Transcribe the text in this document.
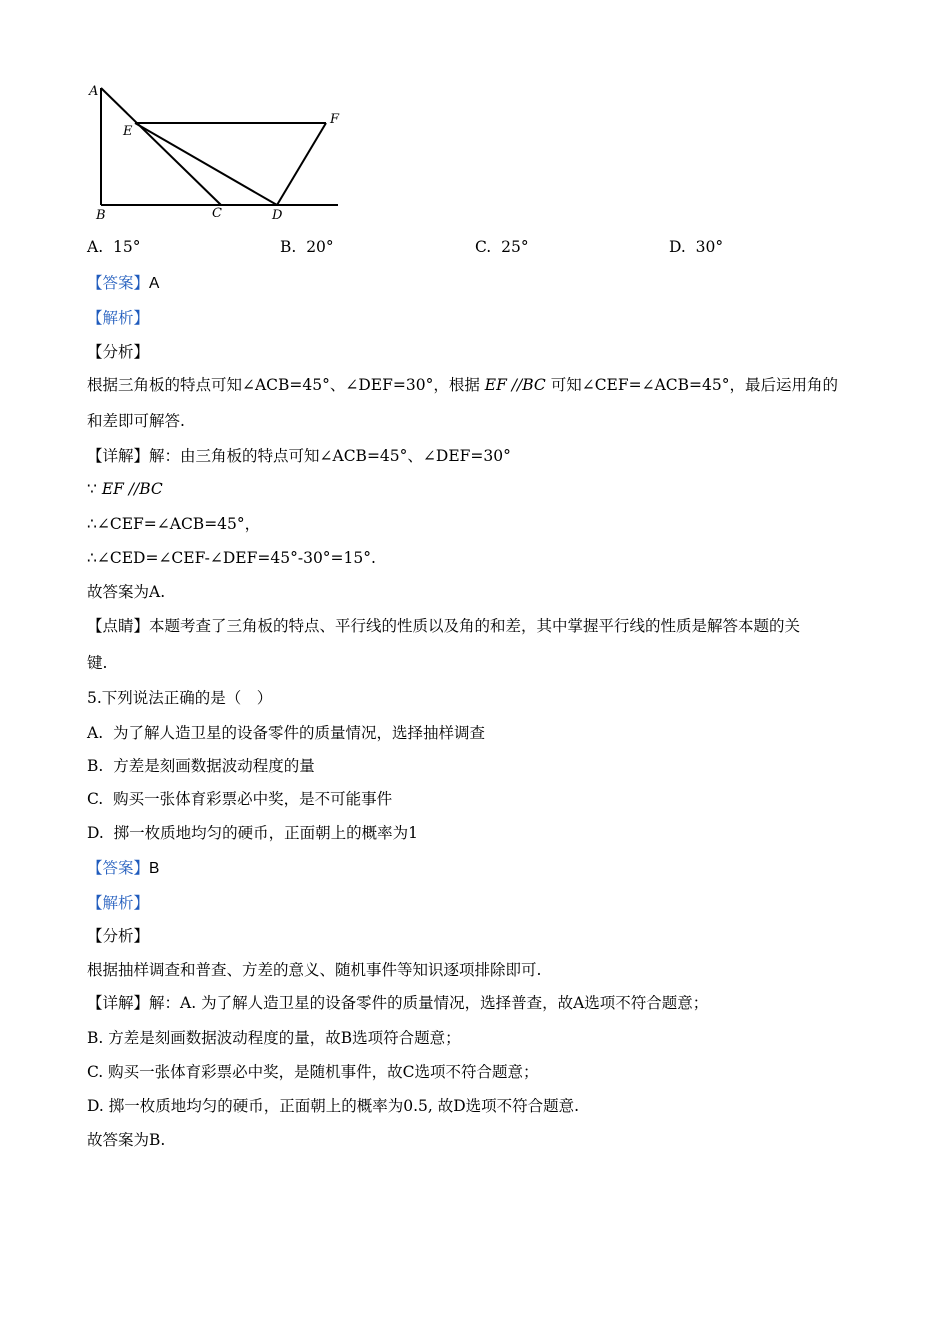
A
E
F
B	C	D
A. 15°	B. 20°	C. 25°	D. 30°
【答案】A
【解析】
【分析】
根据三角板的特点可知∠ACB=45°、∠DEF=30°，根据 EF //BC 可知∠CEF=∠ACB=45°，最后运用角的
和差即可解答.
【详解】解：由三角板的特点可知∠ACB=45°、∠DEF=30°
∵ EF //BC
∴∠CEF=∠ACB=45°，
∴∠CED=∠CEF-∠DEF=45°-30°=15°.
故答案为A.
【点睛】本题考查了三角板的特点、平行线的性质以及角的和差，其中掌握平行线的性质是解答本题的关
键.
5.下列说法正确的是（　）
A. 为了解人造卫星的设备零件的质量情况，选择抽样调查
B. 方差是刻画数据波动程度的量
C. 购买一张体育彩票必中奖，是不可能事件
D. 掷一枚质地均匀的硬币，正面朝上的概率为1
【答案】B
【解析】
【分析】
根据抽样调查和普查、方差的意义、随机事件等知识逐项排除即可.
【详解】解：A. 为了解人造卫星的设备零件的质量情况，选择普查，故A选项不符合题意；
B. 方差是刻画数据波动程度的量，故B选项符合题意；
C. 购买一张体育彩票必中奖，是随机事件，故C选项不符合题意；
D. 掷一枚质地均匀的硬币，正面朝上的概率为0.5, 故D选项不符合题意.
故答案为B.
